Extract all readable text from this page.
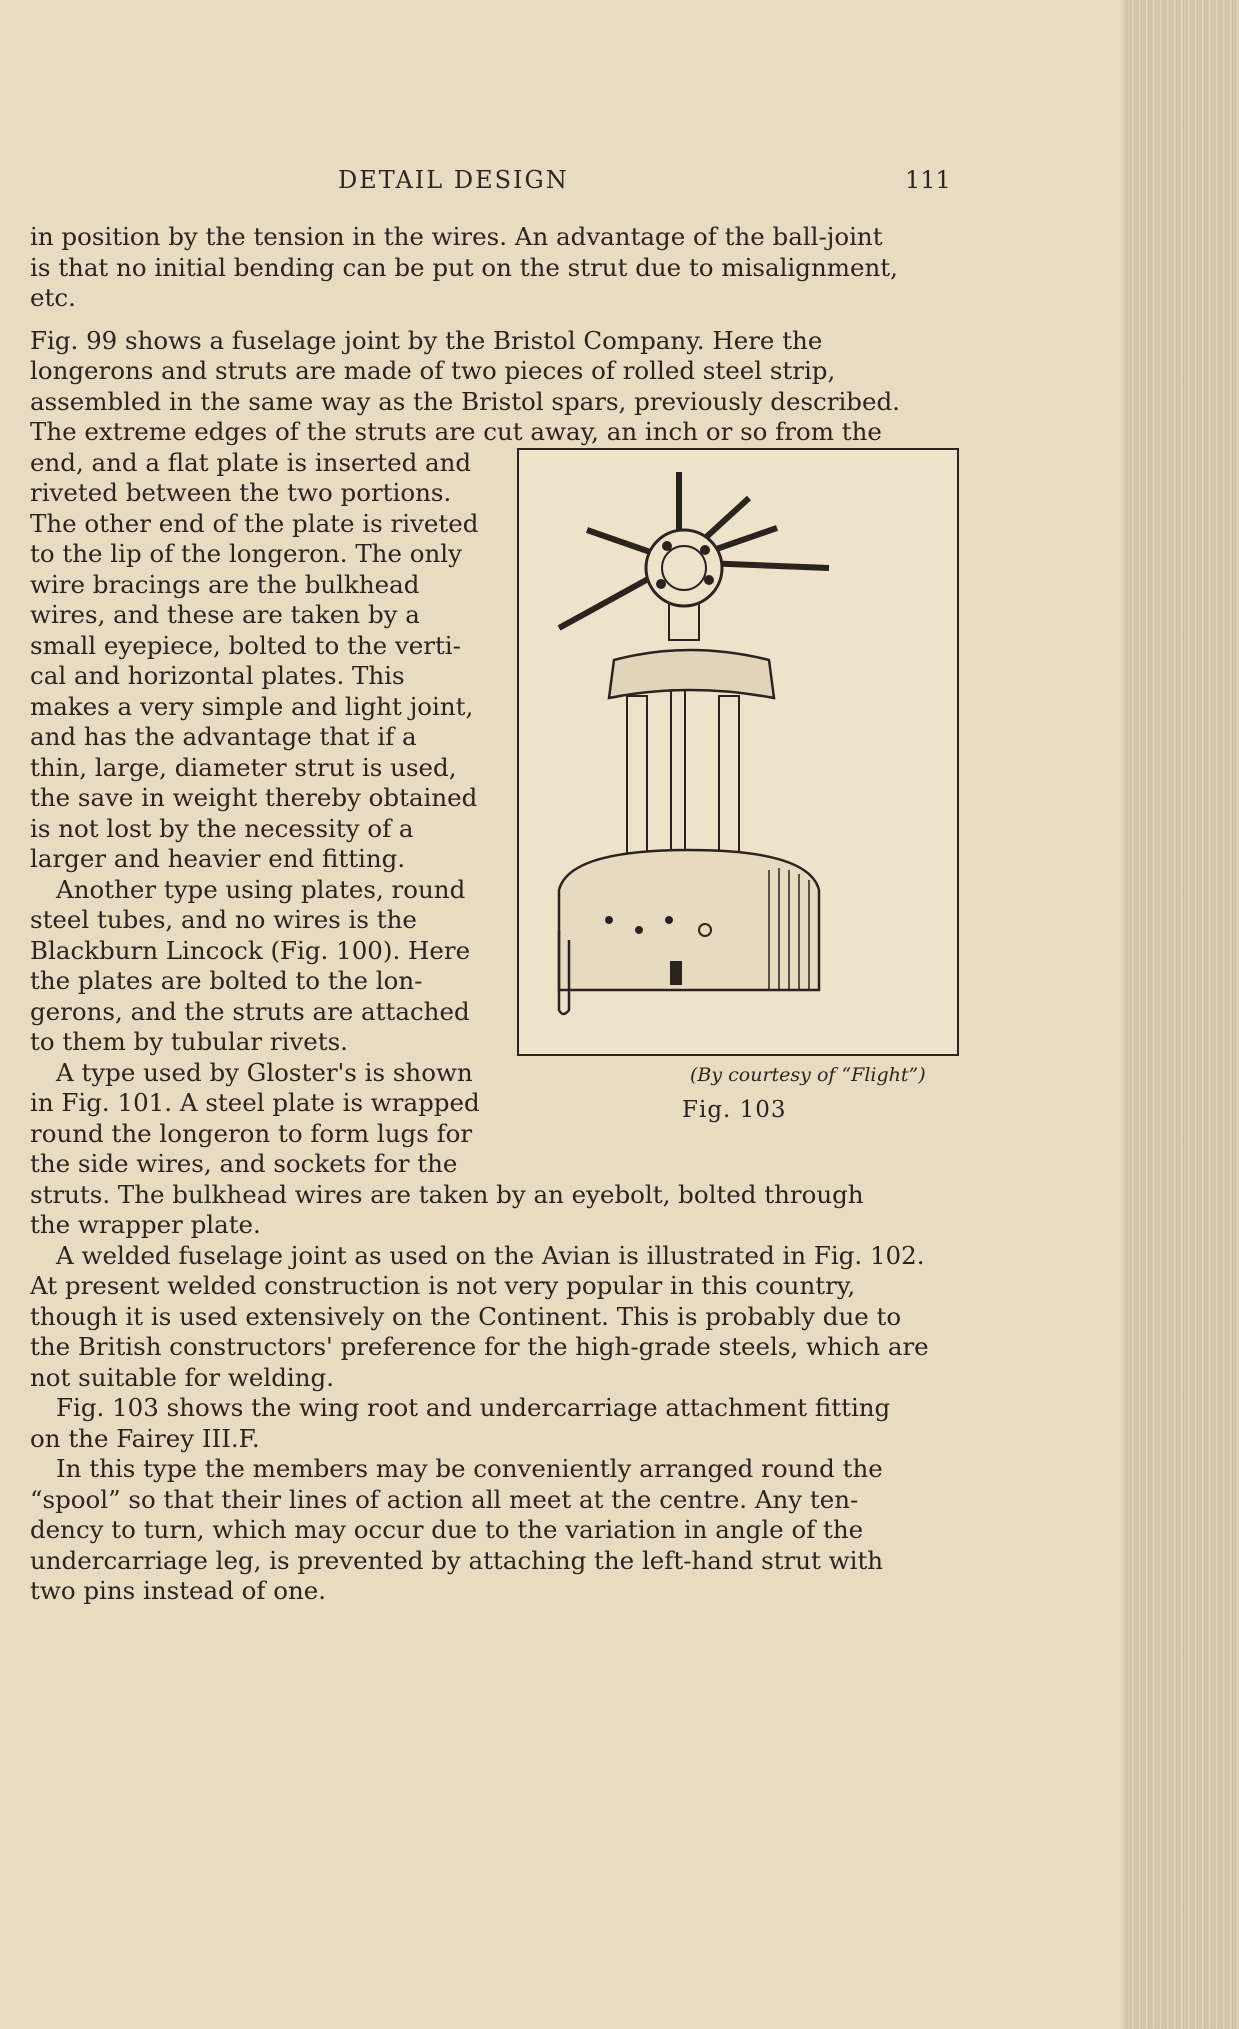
DETAIL DESIGN	111

in position by the tension in the wires. An advantage of the ball-joint
is that no initial bending can be put on the strut due to misalignment,
etc.

Fig. 99 shows a fuselage joint by the Bristol Company. Here the
longerons and struts are made of two pieces of rolled steel strip,
assembled in the same way as the Bristol spars, previously described.
The extreme edges of the struts are cut away, an inch or so from the
end, and a flat plate is inserted and
riveted between the two portions.
The other end of the plate is riveted
to the lip of the longeron. The only
wire bracings are the bulkhead
wires, and these are taken by a
small eyepiece, bolted to the verti-
cal and horizontal plates. This
makes a very simple and light joint,
and has the advantage that if a
thin, large, diameter strut is used,
the save in weight thereby obtained
is not lost by the necessity of a
larger and heavier end fitting.

Another type using plates, round
steel tubes, and no wires is the
Blackburn Lincock (Fig. 100). Here
the plates are bolted to the lon-
gerons, and the struts are attached
to them by tubular rivets.

A type used by Gloster's is shown
in Fig. 101. A steel plate is wrapped
round the longeron to form lugs for
the side wires, and sockets for the
struts. The bulkhead wires are taken by an eyebolt, bolted through
the wrapper plate.

A welded fuselage joint as used on the Avian is illustrated in Fig. 102.
At present welded construction is not very popular in this country,
though it is used extensively on the Continent. This is probably due to
the British constructors' preference for the high-grade steels, which are
not suitable for welding.

Fig. 103 shows the wing root and undercarriage attachment fitting
on the Fairey III.F.

In this type the members may be conveniently arranged round the
“spool” so that their lines of action all meet at the centre. Any ten-
dency to turn, which may occur due to the variation in angle of the
undercarriage leg, is prevented by attaching the left-hand strut with
two pins instead of one.

(By courtesy of “Flight”)
Fig. 103
